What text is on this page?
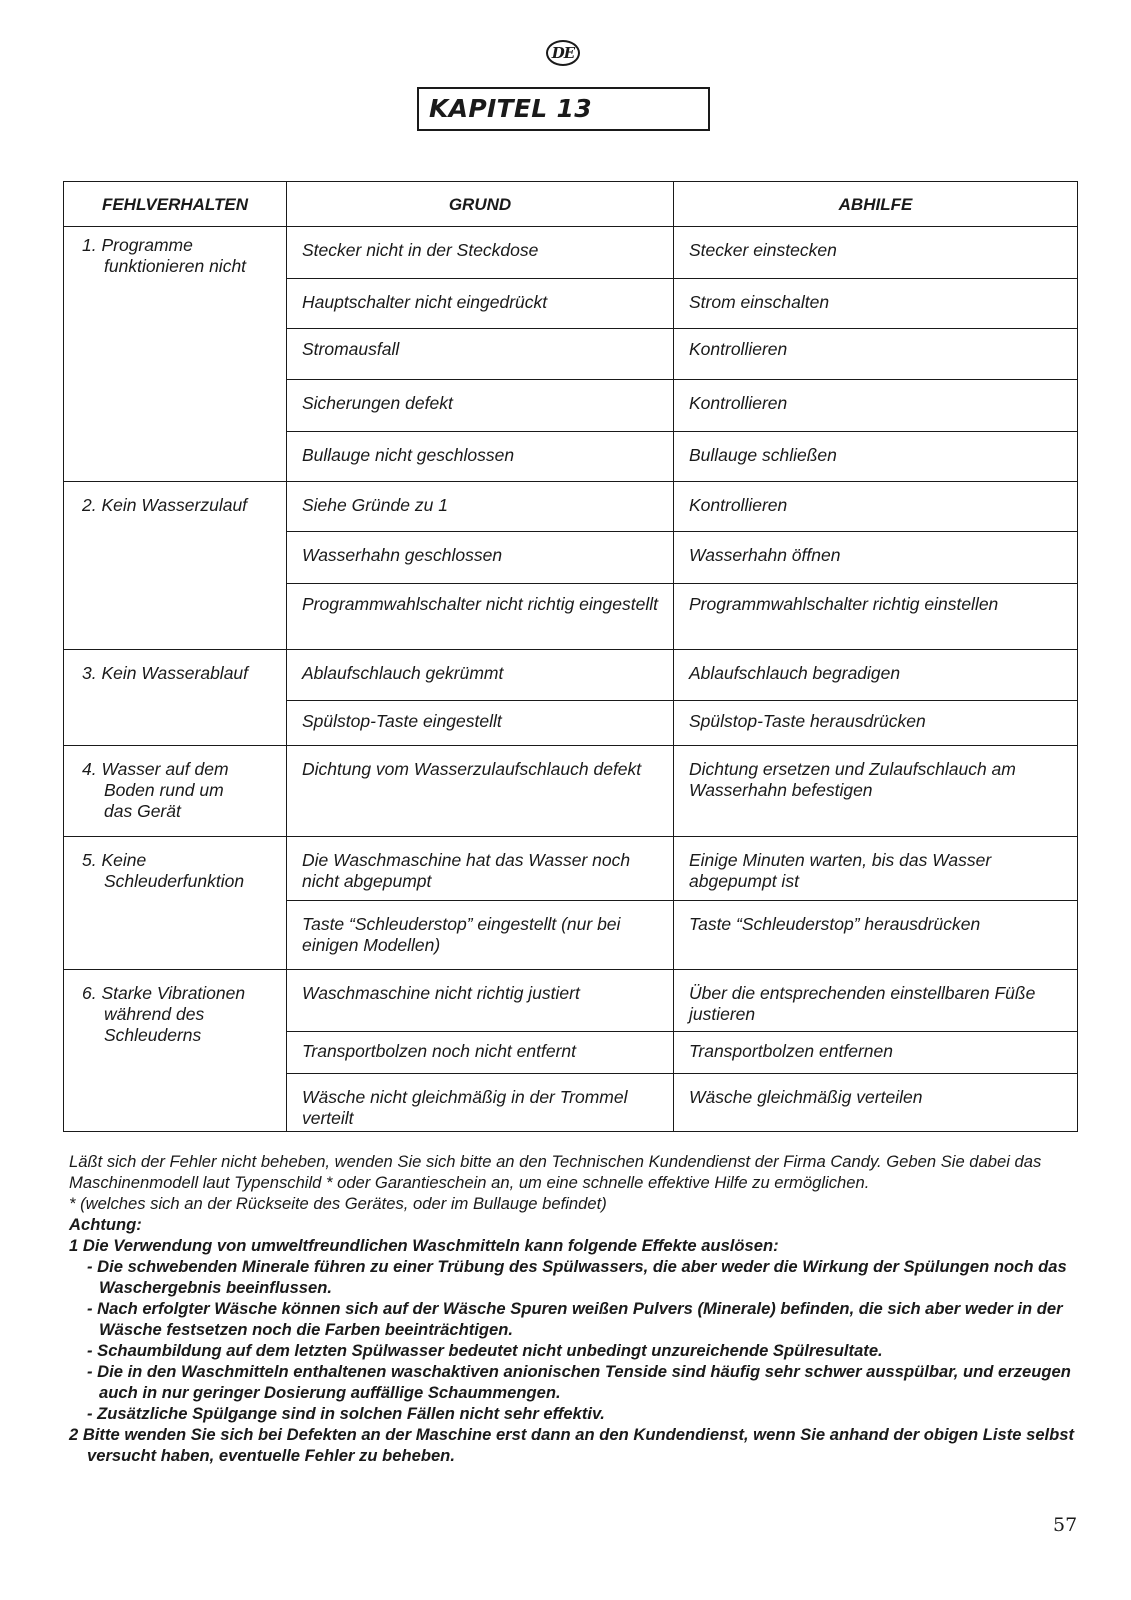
DE
KAPITEL 13
FEHLVERHALTEN	GRUND	ABHILFE

1. Programme
funktionieren nicht	Stecker nicht in der Steckdose	Stecker einstecken
	Hauptschalter nicht eingedrückt	Strom einschalten
	Stromausfall	Kontrollieren
	Sicherungen defekt	Kontrollieren
	Bullauge nicht geschlossen	Bullauge schließen

2. Kein Wasserzulauf	Siehe Gründe zu 1	Kontrollieren
	Wasserhahn geschlossen	Wasserhahn öffnen
	Programmwahlschalter nicht richtig eingestellt	Programmwahlschalter richtig einstellen

3. Kein Wasserablauf	Ablaufschlauch gekrümmt	Ablaufschlauch begradigen
	Spülstop-Taste eingestellt	Spülstop-Taste herausdrücken

4. Wasser auf dem
Boden rund um
das Gerät	Dichtung vom Wasserzulaufschlauch defekt	Dichtung ersetzen und Zulaufschlauch am Wasserhahn befestigen

5. Keine
Schleuderfunktion	Die Waschmaschine hat das Wasser noch nicht abgepumpt	Einige Minuten warten, bis das Wasser abgepumpt ist
	Taste “Schleuderstop” eingestellt (nur bei einigen Modellen)	Taste “Schleuderstop” herausdrücken

6. Starke Vibrationen
während des
Schleuderns	Waschmaschine nicht richtig justiert	Über die entsprechenden einstellbaren Füße justieren
	Transportbolzen noch nicht entfernt	Transportbolzen entfernen
	Wäsche nicht gleichmäßig in der Trommel verteilt	Wäsche gleichmäßig verteilen

Läßt sich der Fehler nicht beheben, wenden Sie sich bitte an den Technischen Kundendienst der Firma Candy. Geben Sie dabei das Maschinenmodell laut Typenschild * oder Garantieschein an, um eine schnelle effektive Hilfe zu ermöglichen.

* (welches sich an der Rückseite des Gerätes, oder im Bullauge befindet)

Achtung:

1 Die Verwendung von umweltfreundlichen Waschmitteln kann folgende Effekte auslösen:

- Die schwebenden Minerale führen zu einer Trübung des Spülwassers, die aber weder die Wirkung der Spülungen noch das Waschergebnis beeinflussen.

- Nach erfolgter Wäsche können sich auf der Wäsche Spuren weißen Pulvers (Minerale) befinden, die sich aber weder in der Wäsche festsetzen noch die Farben beeinträchtigen.

- Schaumbildung auf dem letzten Spülwasser bedeutet nicht unbedingt unzureichende Spülresultate.

- Die in den Waschmitteln enthaltenen waschaktiven anionischen Tenside sind häufig sehr schwer ausspülbar, und erzeugen auch in nur geringer Dosierung auffällige Schaummengen.

- Zusätzliche Spülgange sind in solchen Fällen nicht sehr effektiv.

2 Bitte wenden Sie sich bei Defekten an der Maschine erst dann an den Kundendienst, wenn Sie anhand der obigen Liste selbst versucht haben, eventuelle Fehler zu beheben.

57
